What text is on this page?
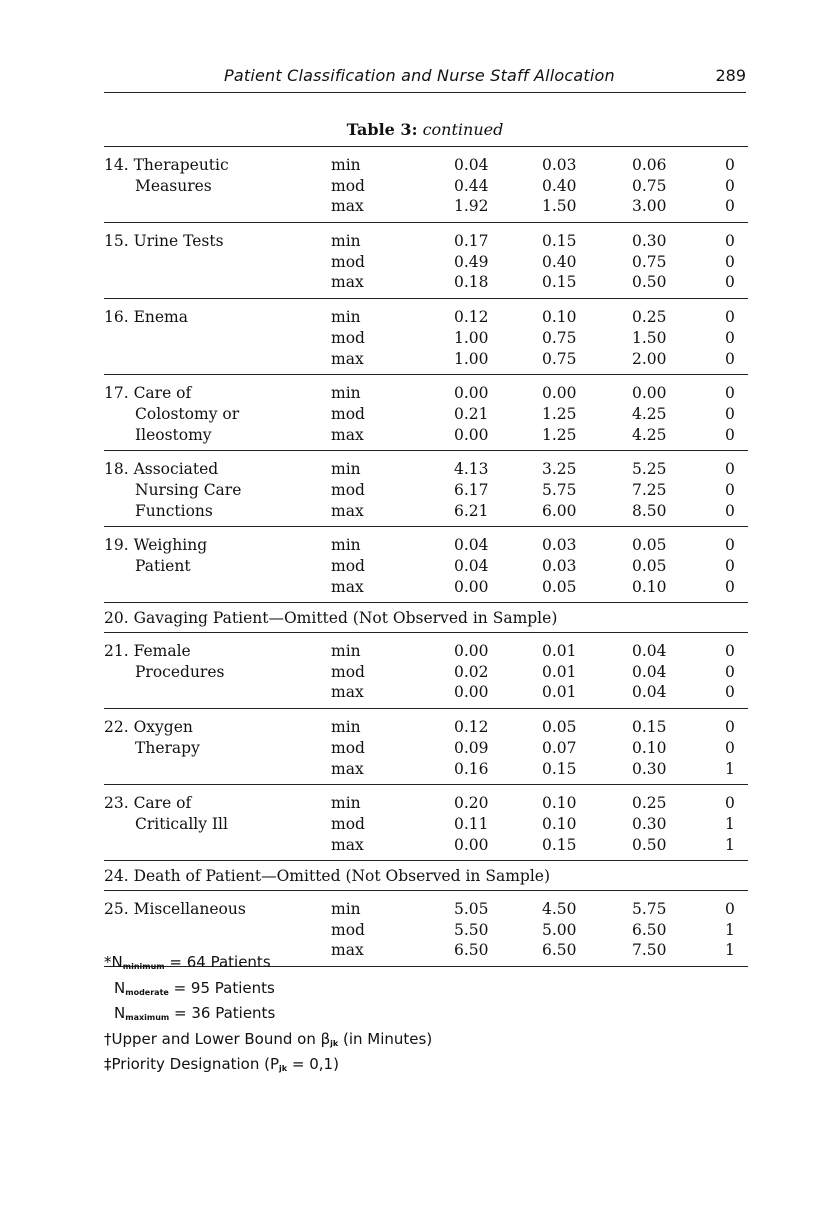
Patient Classification and Nurse Staff Allocation	289
Table 3: continued
14. Therapeutic	min	0.04	0.03	0.06	0
Measures	mod	0.44	0.40	0.75	0
max	1.92	1.50	3.00	0
15. Urine Tests	min	0.17	0.15	0.30	0
mod	0.49	0.40	0.75	0
max	0.18	0.15	0.50	0
16. Enema	min	0.12	0.10	0.25	0
mod	1.00	0.75	1.50	0
max	1.00	0.75	2.00	0
17. Care of	min	0.00	0.00	0.00	0
Colostomy or	mod	0.21	1.25	4.25	0
Ileostomy	max	0.00	1.25	4.25	0
18. Associated	min	4.13	3.25	5.25	0
Nursing Care	mod	6.17	5.75	7.25	0
Functions	max	6.21	6.00	8.50	0
19. Weighing	min	0.04	0.03	0.05	0
Patient	mod	0.04	0.03	0.05	0
max	0.00	0.05	0.10	0
20. Gavaging Patient—Omitted (Not Observed in Sample)
21. Female	min	0.00	0.01	0.04	0
Procedures	mod	0.02	0.01	0.04	0
max	0.00	0.01	0.04	0
22. Oxygen	min	0.12	0.05	0.15	0
Therapy	mod	0.09	0.07	0.10	0
max	0.16	0.15	0.30	1
23. Care of	min	0.20	0.10	0.25	0
Critically Ill	mod	0.11	0.10	0.30	1
max	0.00	0.15	0.50	1
24. Death of Patient—Omitted (Not Observed in Sample)
25. Miscellaneous	min	5.05	4.50	5.75	0
mod	5.50	5.00	6.50	1
max	6.50	6.50	7.50	1
$*N_{minimum} = 64$ Patients
$N_{moderate} = 95$ Patients
$N_{maximum} = 36$ Patients
†Upper and Lower Bound on $\beta_{jk}$ (in Minutes)
‡Priority Designation $(P_{jk} = 0,1)$
